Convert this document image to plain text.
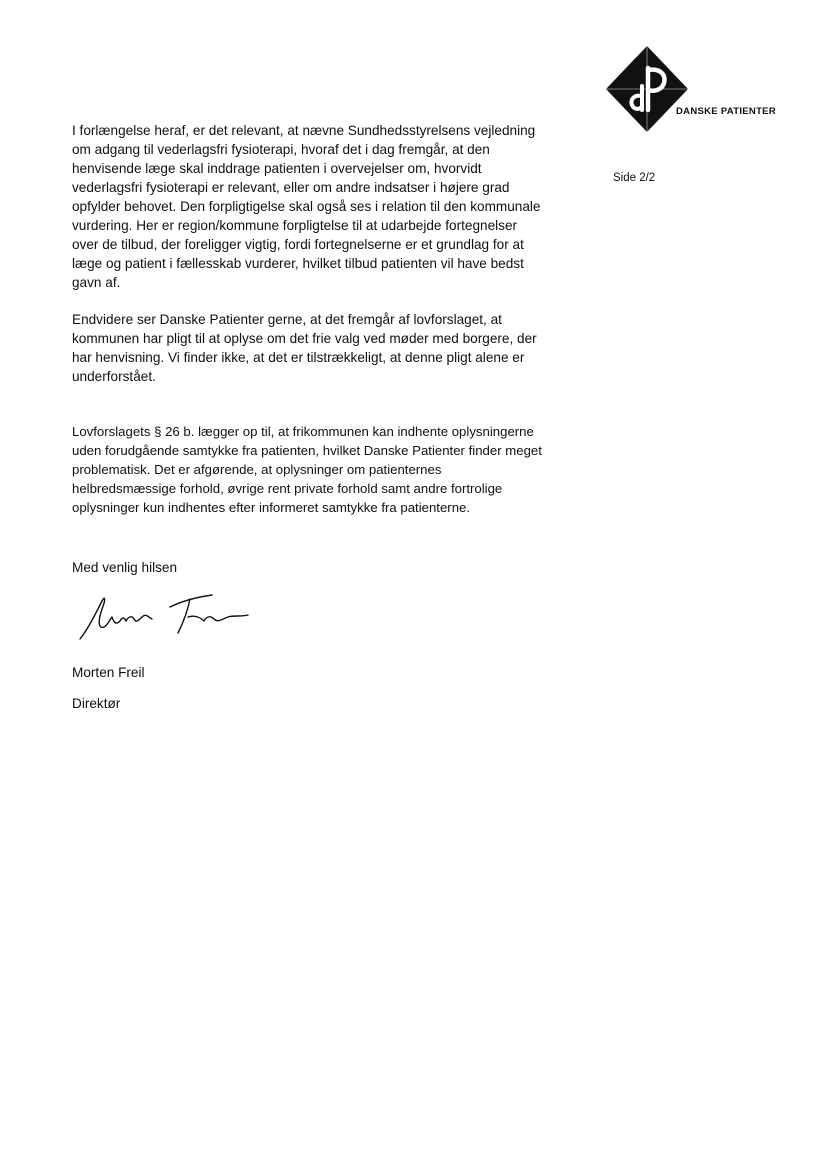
DANSKE PATIENTER
Side 2/2

I forlængelse heraf, er det relevant, at nævne Sundhedsstyrelsens vejledning om adgang til vederlagsfri fysioterapi, hvoraf det i dag fremgår, at den henvisende læge skal inddrage patienten i overvejelser om, hvorvidt vederlagsfri fysioterapi er relevant, eller om andre indsatser i højere grad opfylder behovet. Den forpligtigelse skal også ses i relation til den kommunale vurdering. Her er region/kommune forpligtelse til at udarbejde fortegnelser over de tilbud, der foreligger vigtig, fordi fortegnelserne er et grundlag for at læge og patient i fællesskab vurderer, hvilket tilbud patienten vil have bedst gavn af.

Endvidere ser Danske Patienter gerne, at det fremgår af lovforslaget, at kommunen har pligt til at oplyse om det frie valg ved møder med borgere, der har henvisning. Vi finder ikke, at det er tilstrækkeligt, at denne pligt alene er underforstået.

Lovforslagets § 26 b. lægger op til, at frikommunen kan indhente oplysningerne uden forudgående samtykke fra patienten, hvilket Danske Patienter finder meget problematisk. Det er afgørende, at oplysninger om patienternes helbredsmæssige forhold, øvrige rent private forhold samt andre fortrolige oplysninger kun indhentes efter informeret samtykke fra patienterne.

Med venlig hilsen
Morten Freil
Direktør
